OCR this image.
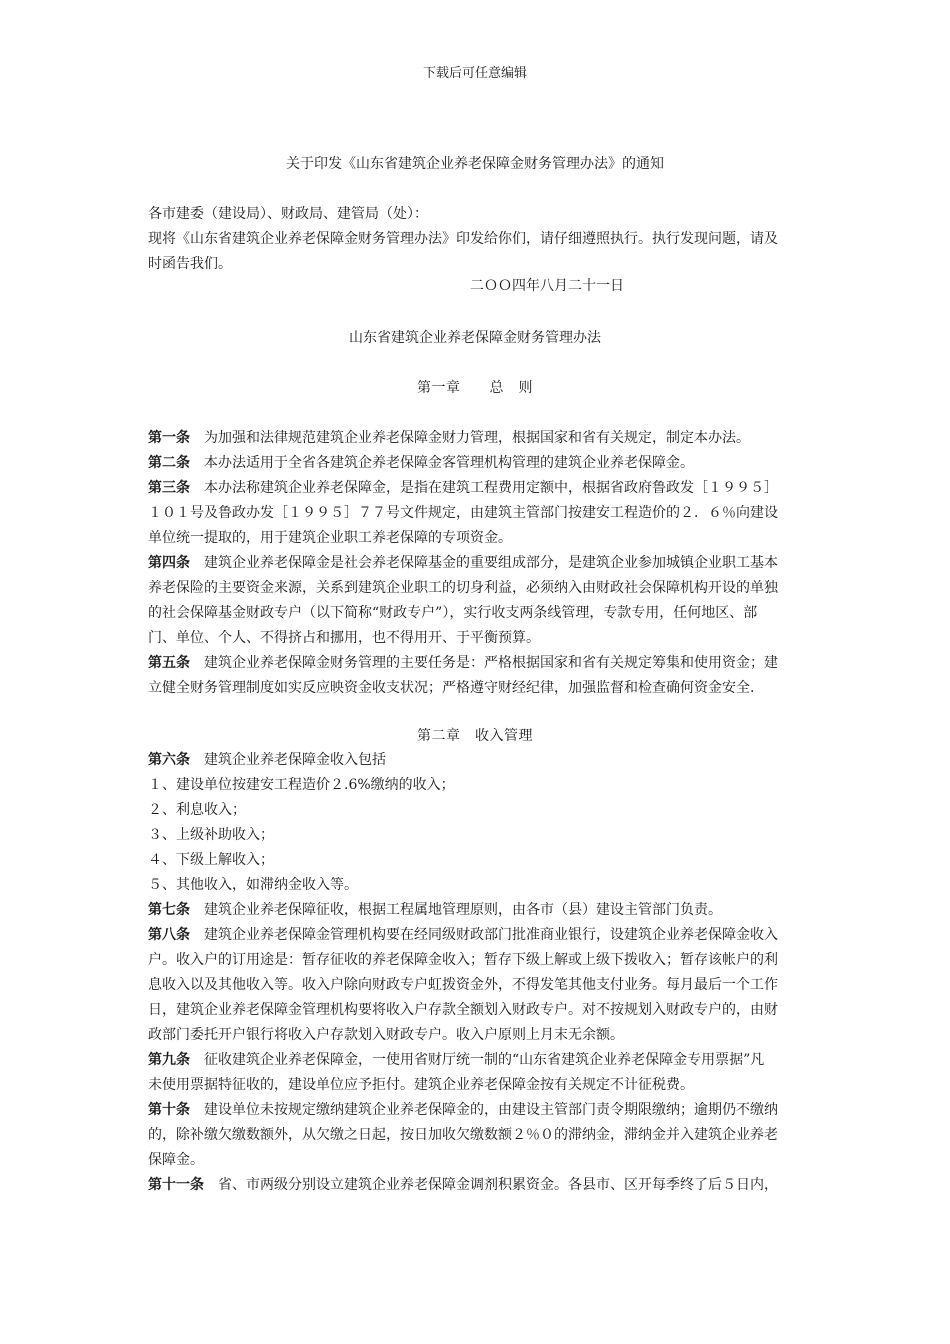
下载后可任意编辑
关于印发《山东省建筑企业养老保障金财务管理办法》的通知
各市建委（建设局）、财政局、建管局（处）：
现将《山东省建筑企业养老保障金财务管理办法》印发给你们，请仔细遵照执行。执行发现问题，请及
时函告我们。
二ＯＯ四年八月二十一日
山东省建筑企业养老保障金财务管理办法
第一章　　总　则
第一条 为加强和法律规范建筑企业养老保障金财力管理，根据国家和省有关规定，制定本办法。
第二条 本办法适用于全省各建筑企养老保障金客管理机构管理的建筑企业养老保障金。
第三条 本办法称建筑企业养老保障金，是指在建筑工程费用定额中，根据省政府鲁政发［１９９５］
１０１号及鲁政办发［１９９５］７７号文件规定，由建筑主管部门按建安工程造价的２．６％向建设
单位统一提取的，用于建筑企业职工养老保障的专项资金。
第四条 建筑企业养老保障金是社会养老保障基金的重要组成部分，是建筑企业参加城镇企业职工基本
养老保险的主要资金来源，关系到建筑企业职工的切身利益，必须纳入由财政社会保障机构开设的单独
的社会保障基金财政专户（以下简称“财政专户”），实行收支两条线管理，专款专用，任何地区、部
门、单位、个人、不得挤占和挪用，也不得用开、于平衡预算。
第五条 建筑企业养老保障金财务管理的主要任务是：严格根据国家和省有关规定筹集和使用资金；建
立健全财务管理制度如实反应映资金收支状况；严格遵守财经纪律，加强监督和检查确何资金安全.
第二章　收入管理
第六条 建筑企业养老保障金收入包括
１、建设单位按建安工程造价２.6%缴纳的收入；
２、利息收入；
３、上级补助收入；
４、下级上解收入；
５、其他收入，如滞纳金收入等。
第七条 建筑企业养老保障征收，根据工程属地管理原则，由各市（县）建设主管部门负责。
第八条 建筑企业养老保障金管理机构要在经同级财政部门批准商业银行，设建筑企业养老保障金收入
户。收入户的订用途是：暂存征收的养老保障金收入；暂存下级上解或上级下拨收入；暂存该帐户的利
息收入以及其他收入等。收入户除向财政专户虹拨资金外，不得发笔其他支付业务。每月最后一个工作
日，建筑企业养老保障金管理机构要将收入户存款全额划入财政专户。对不按规划入财政专户的，由财
政部门委托开户银行将收入户存款划入财政专户。收入户原则上月末无余额。
第九条 征收建筑企业养老保障金，一使用省财厅统一制的“山东省建筑企业养老保障金专用票据”凡
未使用票据特征收的，建设单位应予拒付。建筑企业养老保障金按有关规定不计征税费。
第十条 建设单位未按规定缴纳建筑企业养老保障金的，由建设主管部门责令期限缴纳；逾期仍不缴纳
的，除补缴欠缴数额外，从欠缴之日起，按日加收欠缴数额２％０的滞纳金，滞纳金并入建筑企业养老
保障金。
第十一条 省、市两级分别设立建筑企业养老保障金调剂积累资金。各县市、区开每季终了后５日内，
